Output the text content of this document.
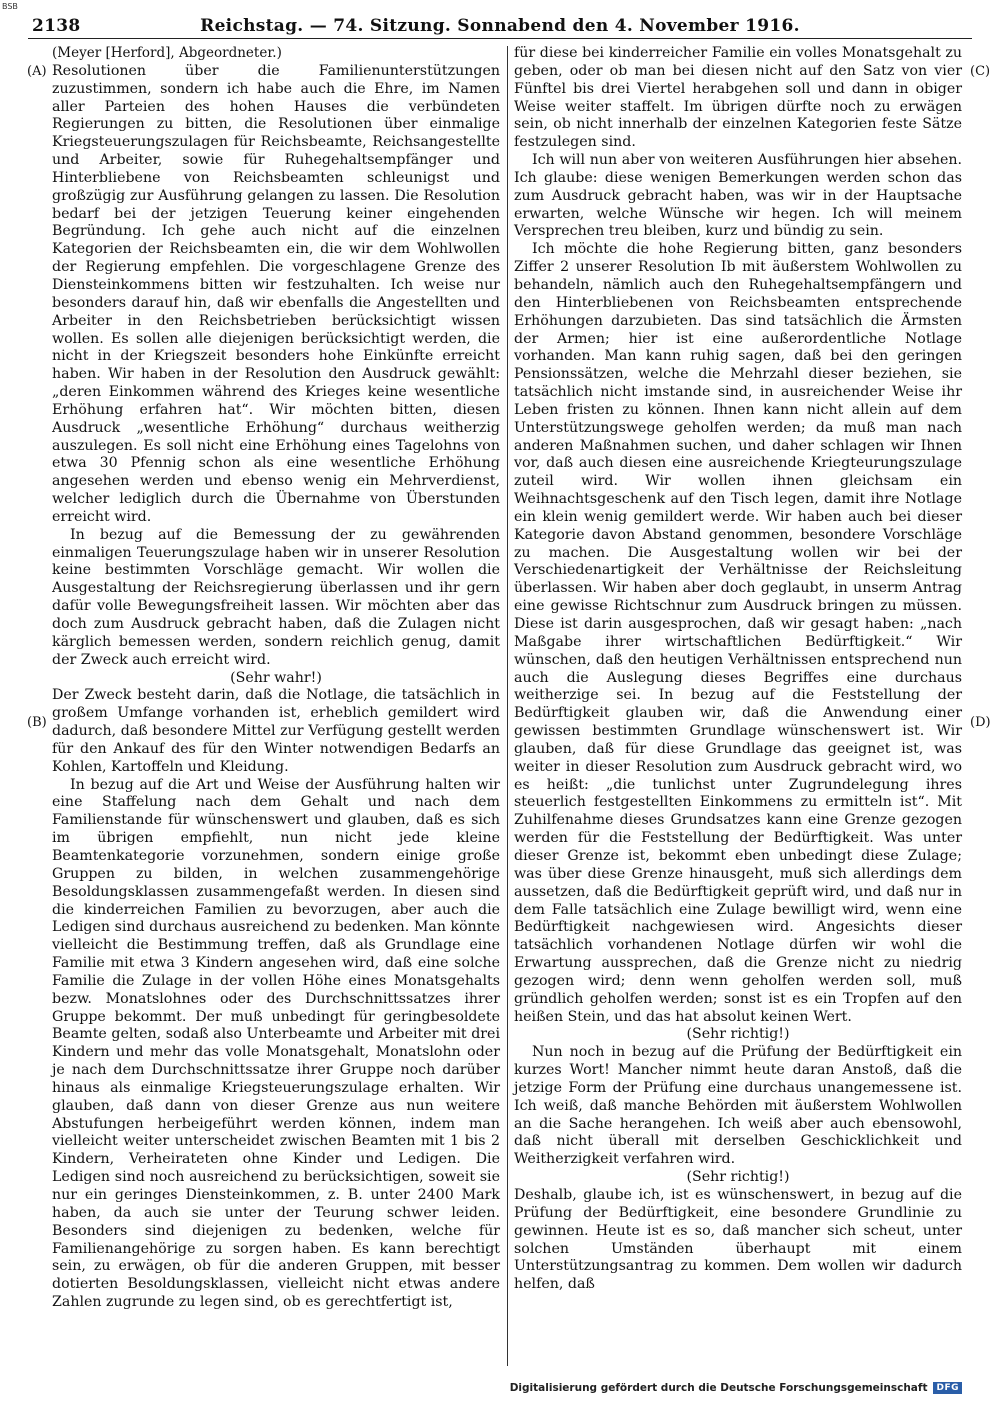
BSB
2138	Reichstag. — 74. Sitzung. Sonnabend den 4. November 1916.
(A)
(B)
(C)
(D)

(Meyer [Herford], Abgeordneter.)

Resolutionen über die Familienunterstützungen zuzustimmen, sondern ich habe auch die Ehre, im Namen aller Parteien des hohen Hauses die verbündeten Regierungen zu bitten, die Resolutionen über einmalige Kriegsteuerungszulagen für Reichsbeamte, Reichsangestellte und Arbeiter, sowie für Ruhegehaltsempfänger und Hinterbliebene von Reichsbeamten schleunigst und großzügig zur Ausführung gelangen zu lassen. Die Resolution bedarf bei der jetzigen Teuerung keiner eingehenden Begründung. Ich gehe auch nicht auf die einzelnen Kategorien der Reichsbeamten ein, die wir dem Wohlwollen der Regierung empfehlen. Die vorgeschlagene Grenze des Diensteinkommens bitten wir festzuhalten. Ich weise nur besonders darauf hin, daß wir ebenfalls die Angestellten und Arbeiter in den Reichsbetrieben berücksichtigt wissen wollen. Es sollen alle diejenigen berücksichtigt werden, die nicht in der Kriegszeit besonders hohe Einkünfte erreicht haben. Wir haben in der Resolution den Ausdruck gewählt: „deren Einkommen während des Krieges keine wesentliche Erhöhung erfahren hat“. Wir möchten bitten, diesen Ausdruck „wesentliche Erhöhung“ durchaus weitherzig auszulegen. Es soll nicht eine Erhöhung eines Tagelohns von etwa 30 Pfennig schon als eine wesentliche Erhöhung angesehen werden und ebenso wenig ein Mehrverdienst, welcher lediglich durch die Übernahme von Überstunden erreicht wird.

In bezug auf die Bemessung der zu gewährenden einmaligen Teuerungszulage haben wir in unserer Resolution keine bestimmten Vorschläge gemacht. Wir wollen die Ausgestaltung der Reichsregierung überlassen und ihr gern dafür volle Bewegungsfreiheit lassen. Wir möchten aber das doch zum Ausdruck gebracht haben, daß die Zulagen nicht kärglich bemessen werden, sondern reichlich genug, damit der Zweck auch erreicht wird.

(Sehr wahr!)

Der Zweck besteht darin, daß die Notlage, die tatsächlich in großem Umfange vorhanden ist, erheblich gemildert wird dadurch, daß besondere Mittel zur Verfügung gestellt werden für den Ankauf des für den Winter notwendigen Bedarfs an Kohlen, Kartoffeln und Kleidung.

In bezug auf die Art und Weise der Ausführung halten wir eine Staffelung nach dem Gehalt und nach dem Familienstande für wünschenswert und glauben, daß es sich im übrigen empfiehlt, nun nicht jede kleine Beamtenkategorie vorzunehmen, sondern einige große Gruppen zu bilden, in welchen zusammengehörige Besoldungsklassen zusammengefaßt werden. In diesen sind die kinderreichen Familien zu bevorzugen, aber auch die Ledigen sind durchaus ausreichend zu bedenken. Man könnte vielleicht die Bestimmung treffen, daß als Grundlage eine Familie mit etwa 3 Kindern angesehen wird, daß eine solche Familie die Zulage in der vollen Höhe eines Monatsgehalts bezw. Monatslohnes oder des Durchschnittssatzes ihrer Gruppe bekommt. Der muß unbedingt für geringbesoldete Beamte gelten, sodaß also Unterbeamte und Arbeiter mit drei Kindern und mehr das volle Monatsgehalt, Monatslohn oder je nach dem Durchschnittssatze ihrer Gruppe noch darüber hinaus als einmalige Kriegsteuerungszulage erhalten. Wir glauben, daß dann von dieser Grenze aus nun weitere Abstufungen herbeigeführt werden können, indem man vielleicht weiter unterscheidet zwischen Beamten mit 1 bis 2 Kindern, Verheirateten ohne Kinder und Ledigen. Die Ledigen sind noch ausreichend zu berücksichtigen, soweit sie nur ein geringes Diensteinkommen, z. B. unter 2400 Mark haben, da auch sie unter der Teurung schwer leiden. Besonders sind diejenigen zu bedenken, welche für Familienangehörige zu sorgen haben. Es kann berechtigt sein, zu erwägen, ob für die anderen Gruppen, mit besser dotierten Besoldungsklassen, vielleicht nicht etwas andere Zahlen zugrunde zu legen sind, ob es gerechtfertigt ist,

für diese bei kinderreicher Familie ein volles Monatsgehalt zu geben, oder ob man bei diesen nicht auf den Satz von vier Fünftel bis drei Viertel herabgehen soll und dann in obiger Weise weiter staffelt. Im übrigen dürfte noch zu erwägen sein, ob nicht innerhalb der einzelnen Kategorien feste Sätze festzulegen sind.

Ich will nun aber von weiteren Ausführungen hier absehen. Ich glaube: diese wenigen Bemerkungen werden schon das zum Ausdruck gebracht haben, was wir in der Hauptsache erwarten, welche Wünsche wir hegen. Ich will meinem Versprechen treu bleiben, kurz und bündig zu sein.

Ich möchte die hohe Regierung bitten, ganz besonders Ziffer 2 unserer Resolution Ib mit äußerstem Wohlwollen zu behandeln, nämlich auch den Ruhegehaltsempfängern und den Hinterbliebenen von Reichsbeamten entsprechende Erhöhungen darzubieten. Das sind tatsächlich die Ärmsten der Armen; hier ist eine außerordentliche Notlage vorhanden. Man kann ruhig sagen, daß bei den geringen Pensionssätzen, welche die Mehrzahl dieser beziehen, sie tatsächlich nicht imstande sind, in ausreichender Weise ihr Leben fristen zu können. Ihnen kann nicht allein auf dem Unterstützungswege geholfen werden; da muß man nach anderen Maßnahmen suchen, und daher schlagen wir Ihnen vor, daß auch diesen eine ausreichende Kriegteurungszulage zuteil wird. Wir wollen ihnen gleichsam ein Weihnachtsgeschenk auf den Tisch legen, damit ihre Notlage ein klein wenig gemildert werde. Wir haben auch bei dieser Kategorie davon Abstand genommen, besondere Vorschläge zu machen. Die Ausgestaltung wollen wir bei der Verschiedenartigkeit der Verhältnisse der Reichsleitung überlassen. Wir haben aber doch geglaubt, in unserm Antrag eine gewisse Richtschnur zum Ausdruck bringen zu müssen. Diese ist darin ausgesprochen, daß wir gesagt haben: „nach Maßgabe ihrer wirtschaftlichen Bedürftigkeit.“ Wir wünschen, daß den heutigen Verhältnissen entsprechend nun auch die Auslegung dieses Begriffes eine durchaus weitherzige sei. In bezug auf die Feststellung der Bedürftigkeit glauben wir, daß die Anwendung einer gewissen bestimmten Grundlage wünschenswert ist. Wir glauben, daß für diese Grundlage das geeignet ist, was weiter in dieser Resolution zum Ausdruck gebracht wird, wo es heißt: „die tunlichst unter Zugrundelegung ihres steuerlich festgestellten Einkommens zu ermitteln ist“. Mit Zuhilfenahme dieses Grundsatzes kann eine Grenze gezogen werden für die Feststellung der Bedürftigkeit. Was unter dieser Grenze ist, bekommt eben unbedingt diese Zulage; was über diese Grenze hinausgeht, muß sich allerdings dem aussetzen, daß die Bedürftigkeit geprüft wird, und daß nur in dem Falle tatsächlich eine Zulage bewilligt wird, wenn eine Bedürftigkeit nachgewiesen wird. Angesichts dieser tatsächlich vorhandenen Notlage dürfen wir wohl die Erwartung aussprechen, daß die Grenze nicht zu niedrig gezogen wird; denn wenn geholfen werden soll, muß gründlich geholfen werden; sonst ist es ein Tropfen auf den heißen Stein, und das hat absolut keinen Wert.

(Sehr richtig!)

Nun noch in bezug auf die Prüfung der Bedürftigkeit ein kurzes Wort! Mancher nimmt heute daran Anstoß, daß die jetzige Form der Prüfung eine durchaus unangemessene ist. Ich weiß, daß manche Behörden mit äußerstem Wohlwollen an die Sache herangehen. Ich weiß aber auch ebensowohl, daß nicht überall mit derselben Geschicklichkeit und Weitherzigkeit verfahren wird.

(Sehr richtig!)

Deshalb, glaube ich, ist es wünschenswert, in bezug auf die Prüfung der Bedürftigkeit, eine besondere Grundlinie zu gewinnen. Heute ist es so, daß mancher sich scheut, unter solchen Umständen überhaupt mit einem Unterstützungsantrag zu kommen. Dem wollen wir dadurch helfen, daß

Digitalisierung gefördert durch die Deutsche Forschungsgemeinschaft	DFG
